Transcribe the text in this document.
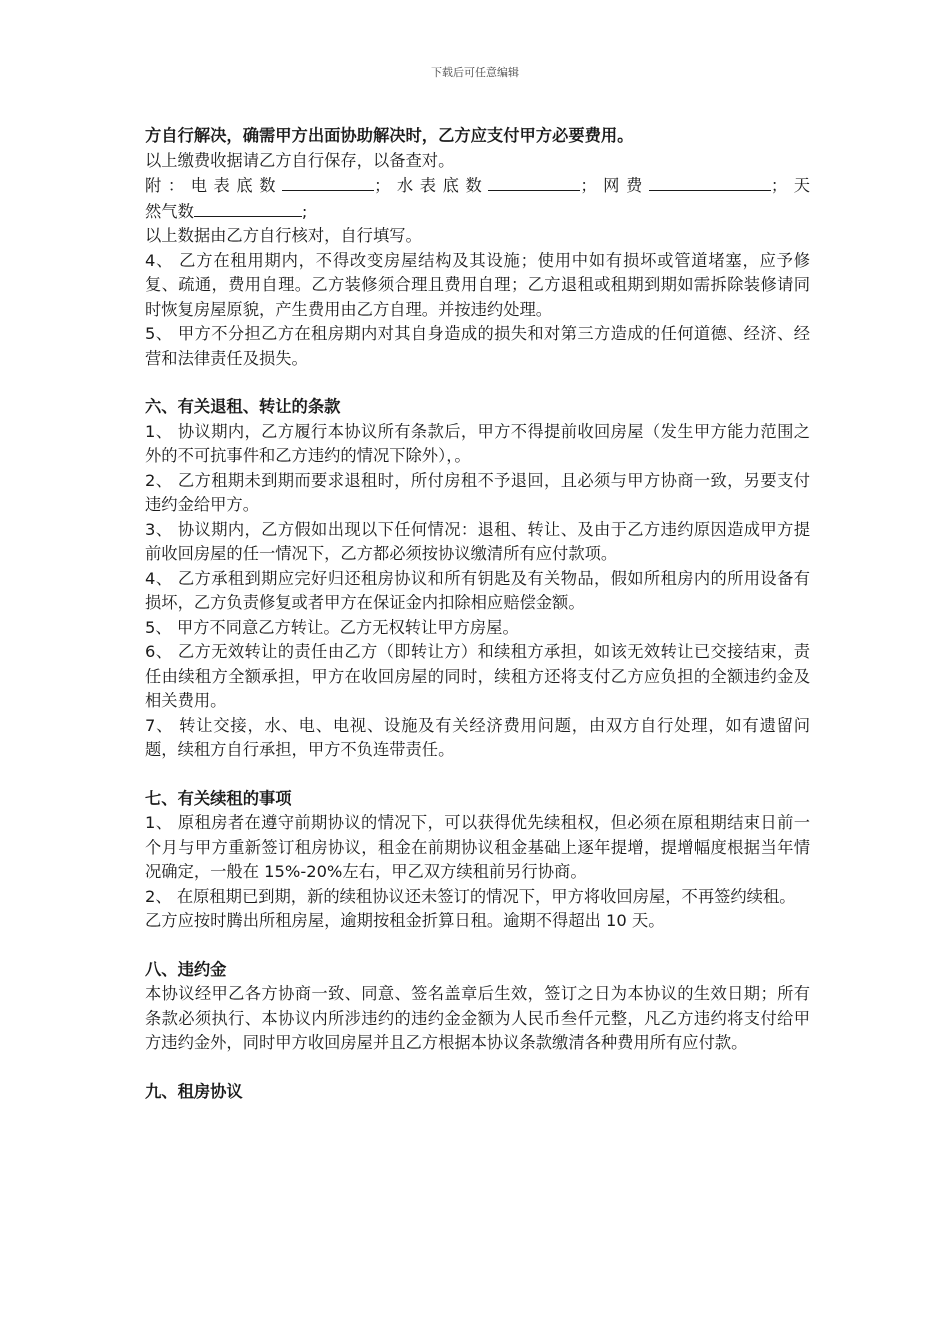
下载后可任意编辑

方自行解决，确需甲方出面协助解决时，乙方应支付甲方必要费用。

以上缴费收据请乙方自行保存，以备查对。

附：电表底数	；水表底数	；网费	；天

然气数	;

以上数据由乙方自行核对，自行填写。

4、 乙方在租用期内，不得改变房屋结构及其设施；使用中如有损坏或管道堵塞，应予修复、疏通，费用自理。乙方装修须合理且费用自理；乙方退租或租期到期如需拆除装修请同时恢复房屋原貌，产生费用由乙方自理。并按违约处理。

5、 甲方不分担乙方在租房期内对其自身造成的损失和对第三方造成的任何道德、经济、经营和法律责任及损失。

六、有关退租、转让的条款

1、 协议期内，乙方履行本协议所有条款后，甲方不得提前收回房屋（发生甲方能力范围之外的不可抗事件和乙方违约的情况下除外），。

2、 乙方租期未到期而要求退租时，所付房租不予退回，且必须与甲方协商一致，另要支付违约金给甲方。

3、 协议期内，乙方假如出现以下任何情况：退租、转让、及由于乙方违约原因造成甲方提前收回房屋的任一情况下，乙方都必须按协议缴清所有应付款项。

4、 乙方承租到期应完好归还租房协议和所有钥匙及有关物品，假如所租房内的所用设备有损坏，乙方负责修复或者甲方在保证金内扣除相应赔偿金额。

5、 甲方不同意乙方转让。乙方无权转让甲方房屋。

6、 乙方无效转让的责任由乙方（即转让方）和续租方承担，如该无效转让已交接结束，责任由续租方全额承担，甲方在收回房屋的同时，续租方还将支付乙方应负担的全额违约金及相关费用。

7、 转让交接，水、电、电视、设施及有关经济费用问题，由双方自行处理，如有遗留问题，续租方自行承担，甲方不负连带责任。

七、有关续租的事项

1、 原租房者在遵守前期协议的情况下，可以获得优先续租权，但必须在原租期结束日前一个月与甲方重新签订租房协议，租金在前期协议租金基础上逐年提增，提增幅度根据当年情况确定，一般在 15%-20%左右，甲乙双方续租前另行协商。

2、 在原租期已到期，新的续租协议还未签订的情况下，甲方将收回房屋，不再签约续租。

乙方应按时腾出所租房屋，逾期按租金折算日租。逾期不得超出 10 天。

八、违约金

本协议经甲乙各方协商一致、同意、签名盖章后生效，签订之日为本协议的生效日期；所有条款必须执行、本协议内所涉违约的违约金金额为人民币叁仟元整，凡乙方违约将支付给甲方违约金外，同时甲方收回房屋并且乙方根据本协议条款缴清各种费用所有应付款。

九、租房协议
